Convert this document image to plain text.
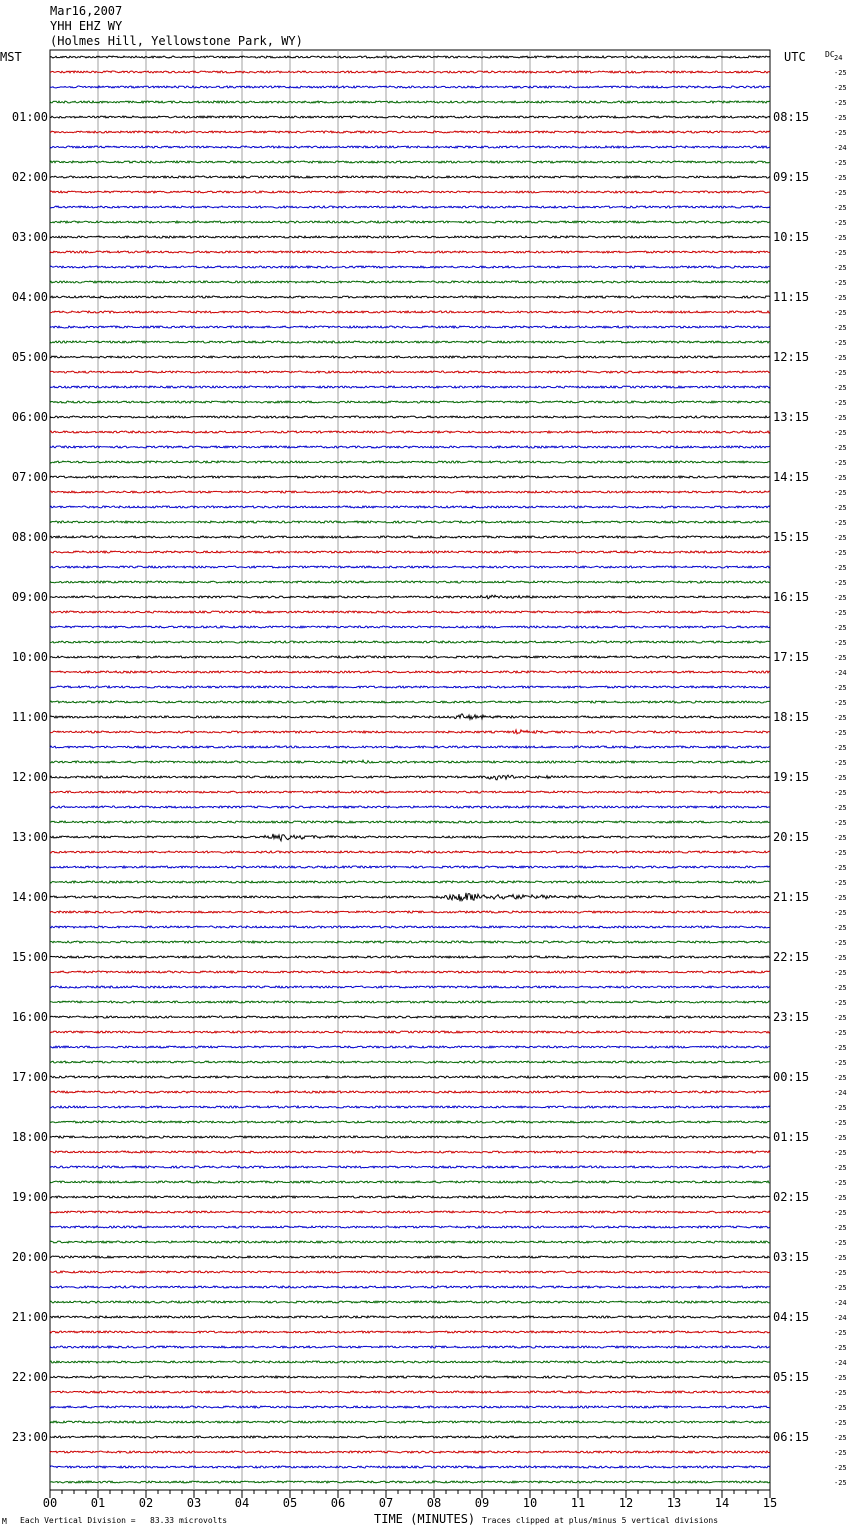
Mar16,2007
YHH EHZ WY
(Holmes Hill, Yellowstone Park, WY)
MST	UTC DC
00	01	02	03	04	05	06	07	08	09	10	11	12	13	14	15
24
-25
-25
-25
-25
-25
-24
-25
-25
-25
-25
-25
-25
-25
-25
-25
-25
-25
-25
-25
-25
-25
-25
-25
-25
-25
-25
-25
-25
-25
-25
-25
-25
-25
-25
-25
-25
-25
-25
-25
-25
-24
-25
-25
-25
-25
-25
-25
-25
-25
-25
-25
-25
-25
-25
-25
-25
-25
-25
-25
-25
-25
-25
-25
-25
-25
-25
-25
-25
-24
-25
-25
-25
-25
-25
-25
-25
-25
-25
-25
-25
-25
-25
-24
-24
-25
-25
-24
-25
-25
-25
-25
-25
-25
-25
-25
01:00	08:15
02:00	09:15
03:00	10:15
04:00	11:15
05:00	12:15
06:00	13:15
07:00	14:15
08:00	15:15
09:00	16:15
10:00	17:15
11:00	18:15
12:00	19:15
13:00	20:15
14:00	21:15
15:00	22:15
16:00	23:15
17:00	00:15
18:00	01:15
19:00	02:15
20:00	03:15
21:00	04:15
22:00	05:15
23:00	06:15
M Each Vertical Division =   83.33 microvolts	TIME (MINUTES) Traces clipped at plus/minus 5 vertical divisions
